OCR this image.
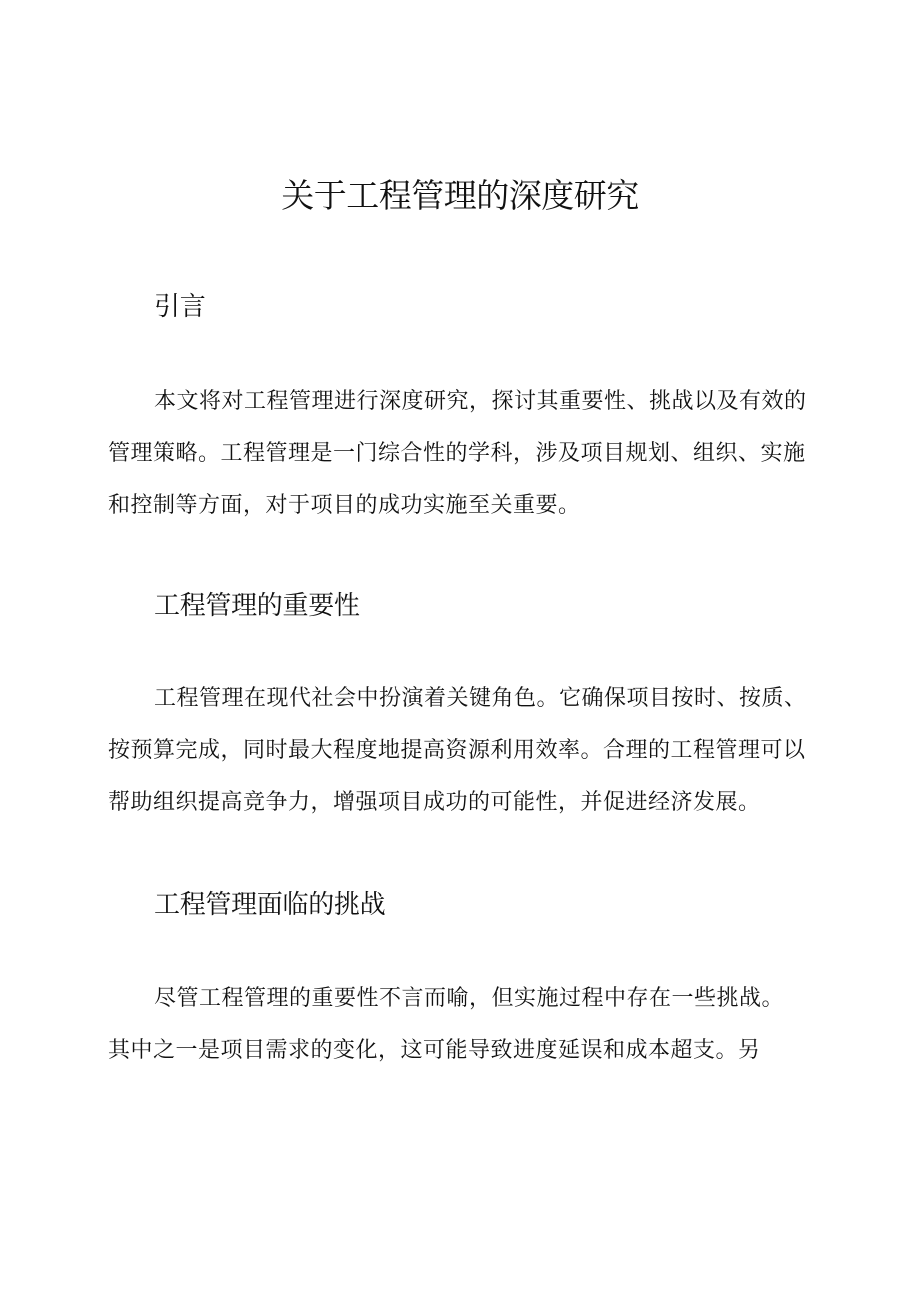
关于工程管理的深度研究
引言

本文将对工程管理进行深度研究，探讨其重要性、挑战以及有效的
管理策略。工程管理是一门综合性的学科，涉及项目规划、组织、实施
和控制等方面，对于项目的成功实施至关重要。

工程管理的重要性

工程管理在现代社会中扮演着关键角色。它确保项目按时、按质、
按预算完成，同时最大程度地提高资源利用效率。合理的工程管理可以
帮助组织提高竞争力，增强项目成功的可能性，并促进经济发展。

工程管理面临的挑战

尽管工程管理的重要性不言而喻，但实施过程中存在一些挑战。
其中之一是项目需求的变化，这可能导致进度延误和成本超支。另
